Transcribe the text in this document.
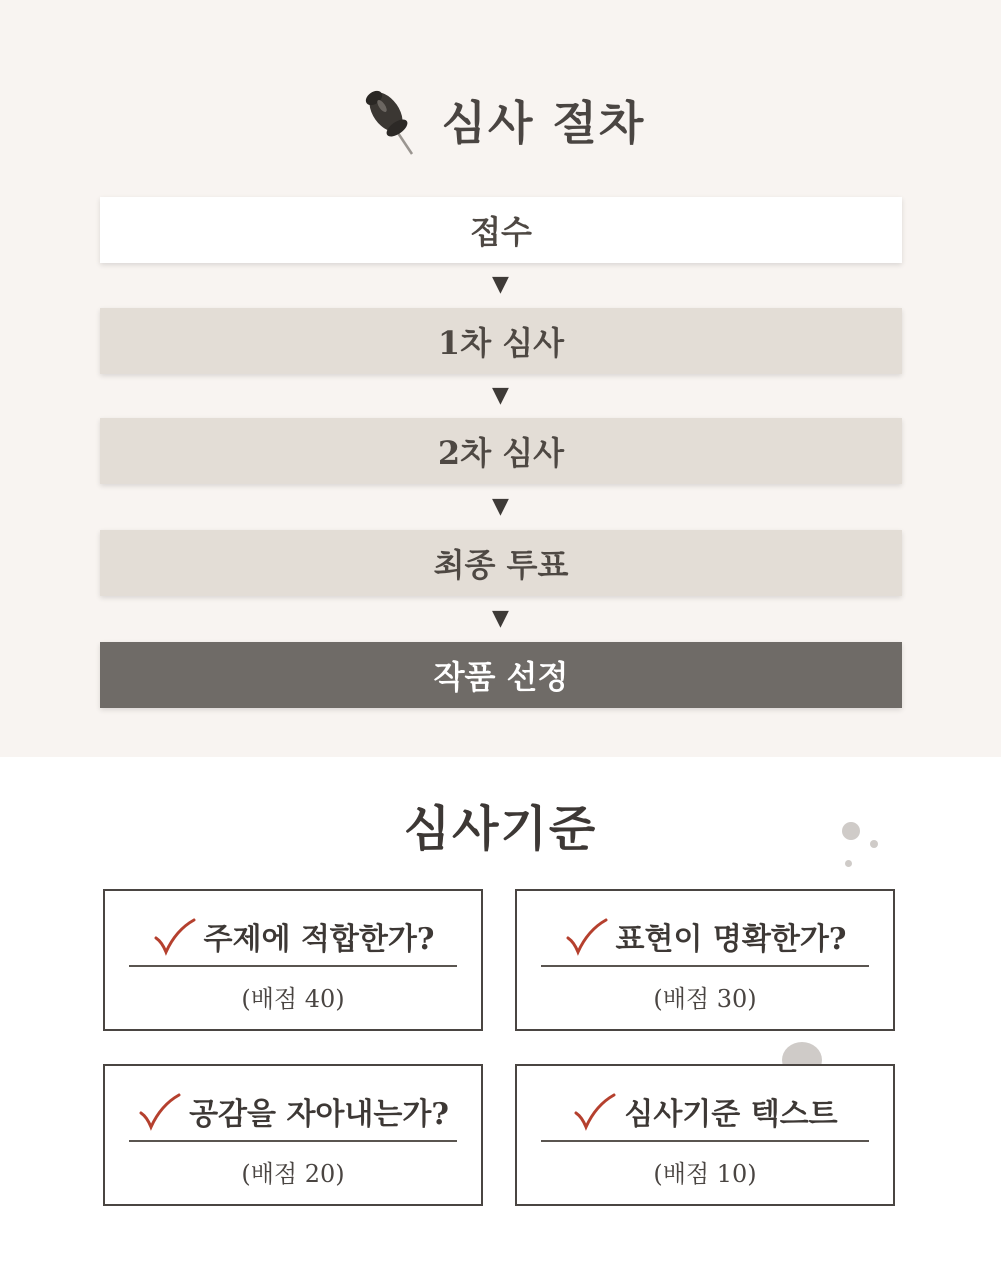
심사 절차
접수
▼
1차 심사
▼
2차 심사
▼
최종 투표
▼
작품 선정
심사기준
주제에 적합한가?
(배점 40)
표현이 명확한가?
(배점 30)
공감을 자아내는가?
(배점 20)
심사기준 텍스트
(배점 10)
